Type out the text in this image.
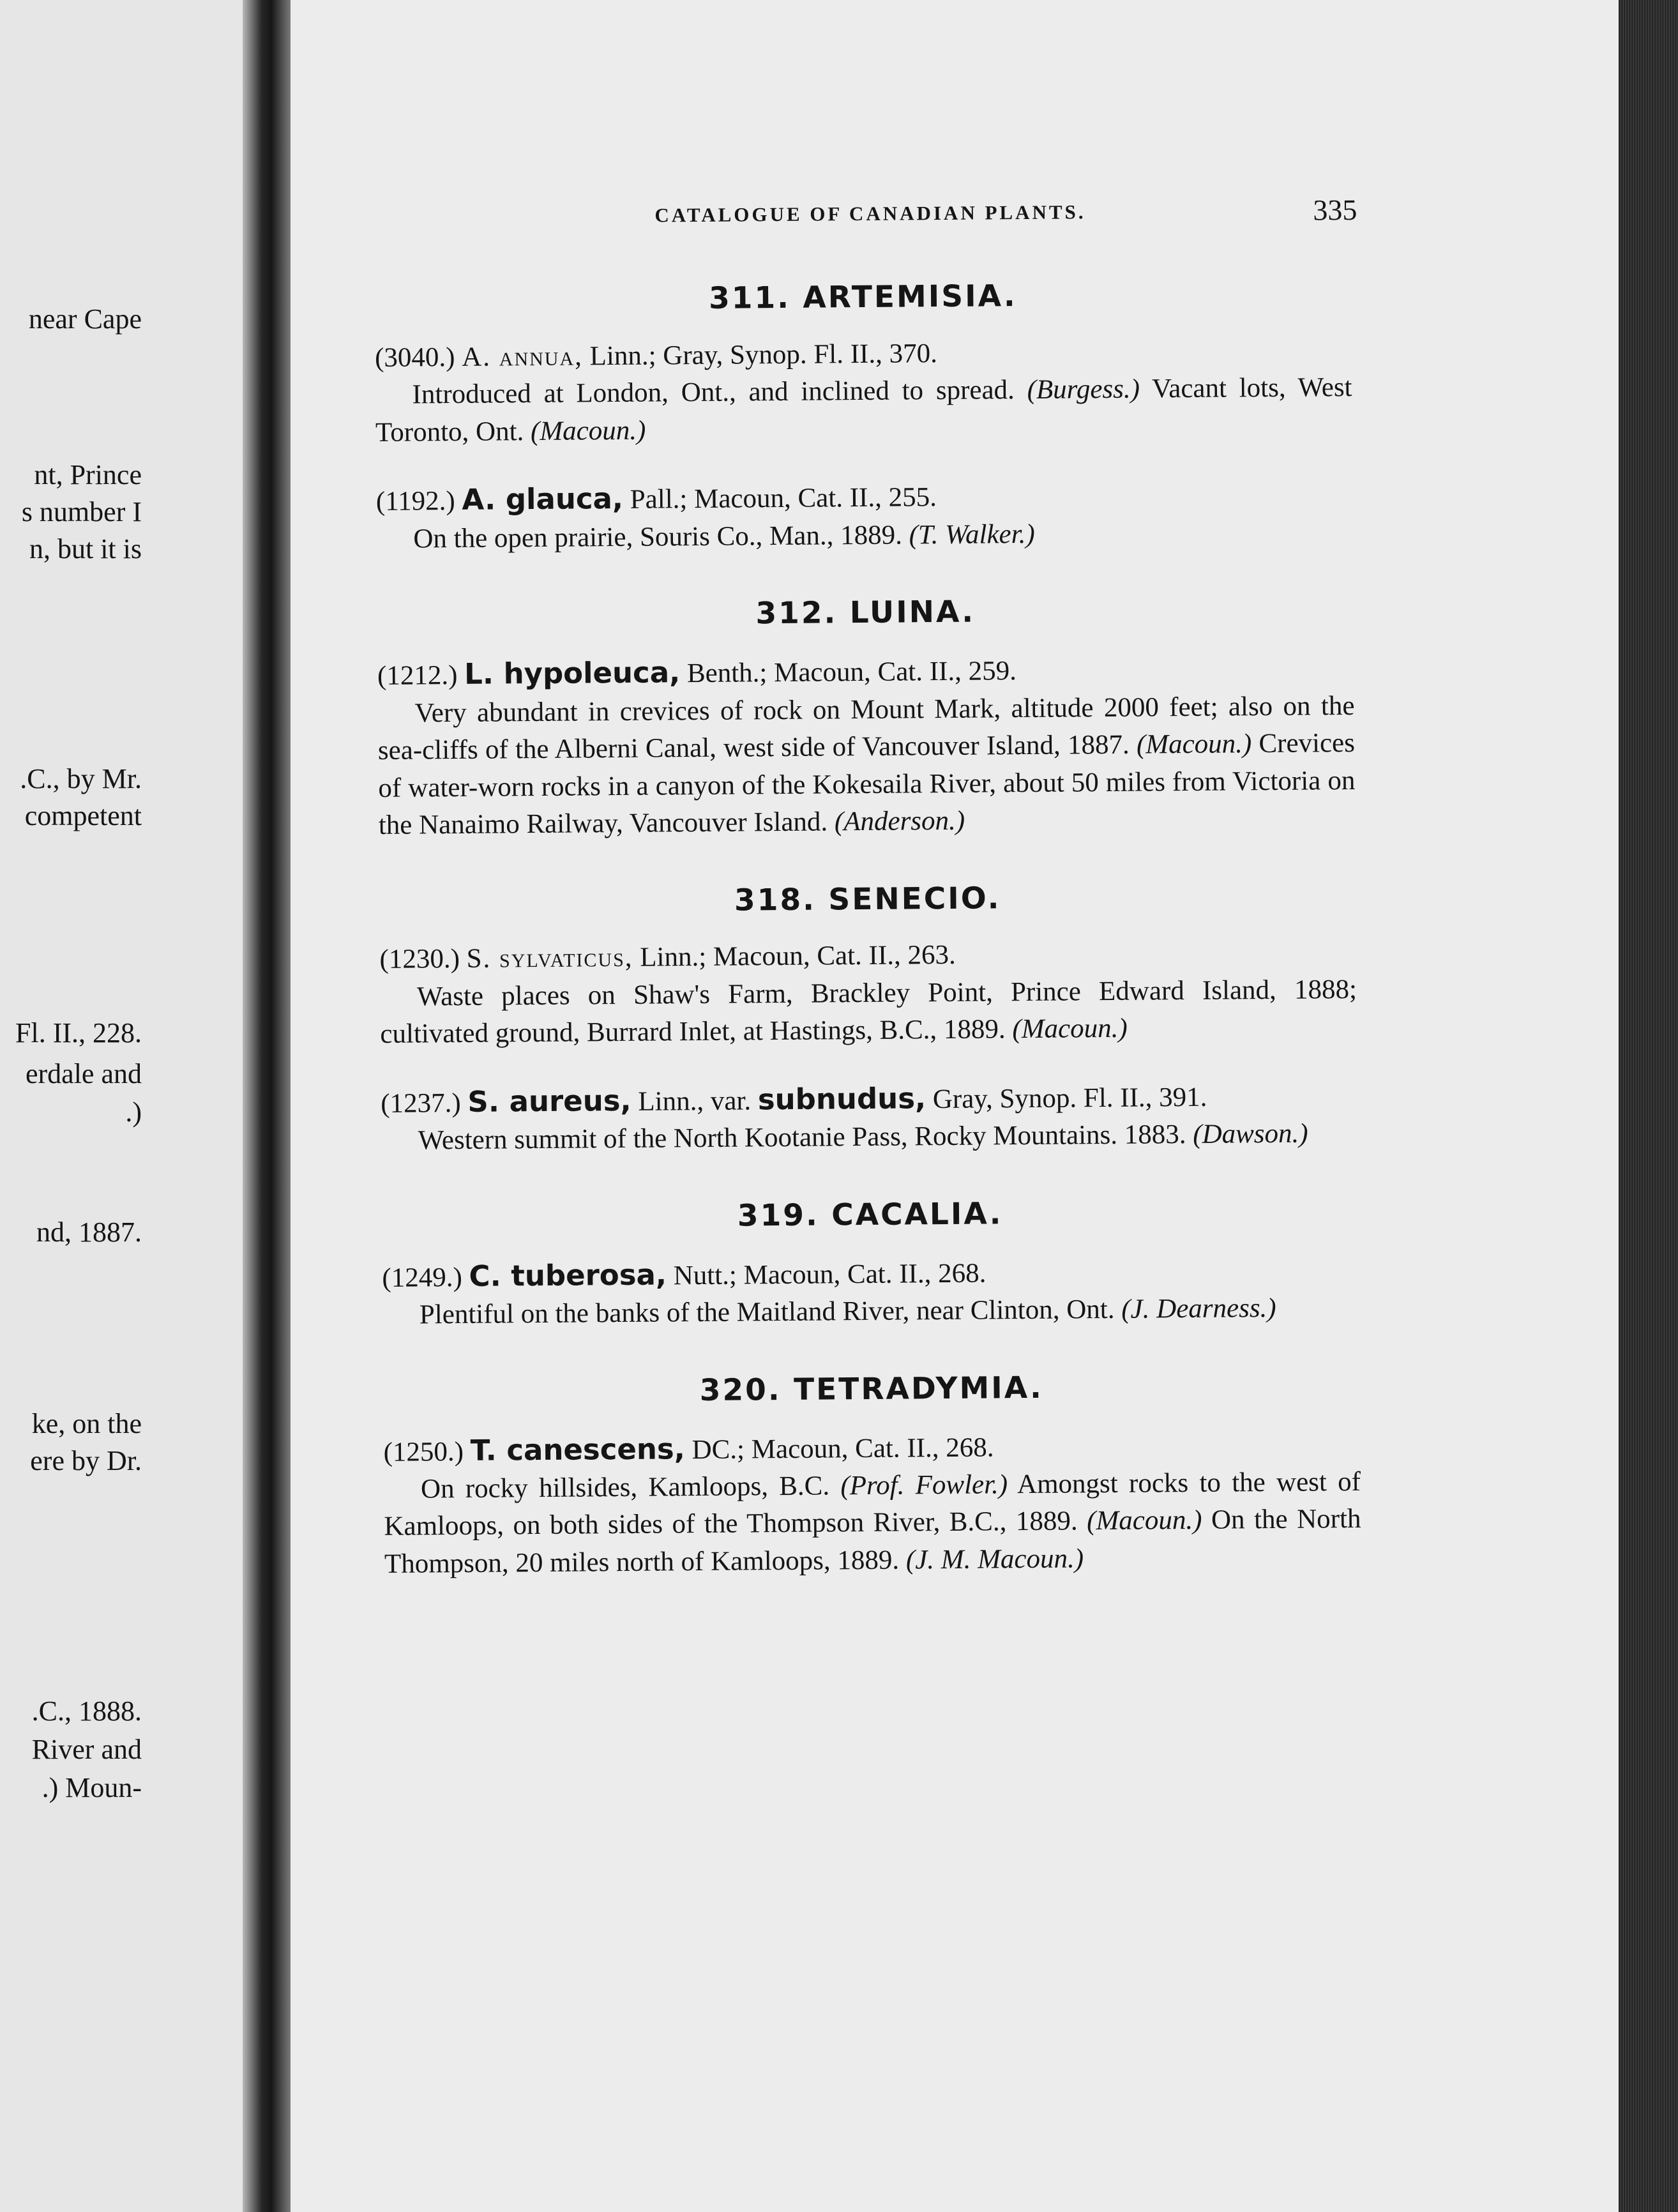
near Cape
nt, Prince
s number I
n, but it is
.C., by Mr.
competent
Fl. II., 228.
erdale and
.)
nd, 1887.
ke, on the
ere by Dr.
.C., 1888.
River and
.) Moun-
CATALOGUE OF CANADIAN PLANTS.	335
311. ARTEMISIA.

(3040.) A. annua, Linn.; Gray, Synop. Fl. II., 370.

Introduced at London, Ont., and inclined to spread. (Burgess.) Vacant lots, West Toronto, Ont. (Macoun.)

(1192.) A. glauca, Pall.; Macoun, Cat. II., 255.

On the open prairie, Souris Co., Man., 1889. (T. Walker.)

312. LUINA.

(1212.) L. hypoleuca, Benth.; Macoun, Cat. II., 259.

Very abundant in crevices of rock on Mount Mark, altitude 2000 feet; also on the sea-cliffs of the Alberni Canal, west side of Vancouver Island, 1887. (Macoun.) Crevices of water-worn rocks in a canyon of the Kokesaila River, about 50 miles from Victoria on the Nanaimo Railway, Vancouver Island. (Anderson.)

318. SENECIO.

(1230.) S. sylvaticus, Linn.; Macoun, Cat. II., 263.

Waste places on Shaw's Farm, Brackley Point, Prince Edward Island, 1888; cultivated ground, Burrard Inlet, at Hastings, B.C., 1889. (Macoun.)

(1237.) S. aureus, Linn., var. subnudus, Gray, Synop. Fl. II., 391.

Western summit of the North Kootanie Pass, Rocky Mountains. 1883. (Dawson.)

319. CACALIA.

(1249.) C. tuberosa, Nutt.; Macoun, Cat. II., 268.

Plentiful on the banks of the Maitland River, near Clinton, Ont. (J. Dearness.)

320. TETRADYMIA.

(1250.) T. canescens, DC.; Macoun, Cat. II., 268.

On rocky hillsides, Kamloops, B.C. (Prof. Fowler.) Amongst rocks to the west of Kamloops, on both sides of the Thompson River, B.C., 1889. (Macoun.) On the North Thompson, 20 miles north of Kamloops, 1889. (J. M. Macoun.)
